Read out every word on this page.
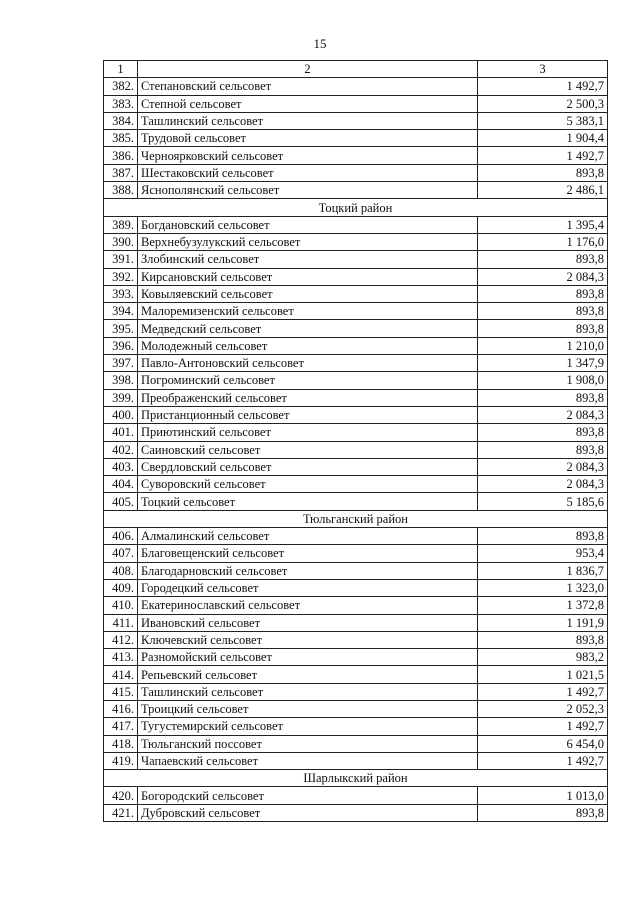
15
1	2	3
382.	Степановский сельсовет	1 492,7
383.	Степной сельсовет	2 500,3
384.	Ташлинский сельсовет	5 383,1
385.	Трудовой сельсовет	1 904,4
386.	Черноярковский сельсовет	1 492,7
387.	Шестаковский сельсовет	893,8
388.	Яснополянский сельсовет	2 486,1
Тоцкий район		
389.	Богдановский сельсовет	1 395,4
390.	Верхнебузулукский сельсовет	1 176,0
391.	Злобинский сельсовет	893,8
392.	Кирсановский сельсовет	2 084,3
393.	Ковыляевский сельсовет	893,8
394.	Малоремизенский сельсовет	893,8
395.	Медведский сельсовет	893,8
396.	Молодежный сельсовет	1 210,0
397.	Павло-Антоновский сельсовет	1 347,9
398.	Погроминский сельсовет	1 908,0
399.	Преображенский сельсовет	893,8
400.	Пристанционный сельсовет	2 084,3
401.	Приютинский сельсовет	893,8
402.	Саиновский сельсовет	893,8
403.	Свердловский сельсовет	2 084,3
404.	Суворовский сельсовет	2 084,3
405.	Тоцкий сельсовет	5 185,6
Тюльганский район		
406.	Алмалинский сельсовет	893,8
407.	Благовещенский сельсовет	953,4
408.	Благодарновский сельсовет	1 836,7
409.	Городецкий сельсовет	1 323,0
410.	Екатеринославский сельсовет	1 372,8
411.	Ивановский сельсовет	1 191,9
412.	Ключевский сельсовет	893,8
413.	Разномойский сельсовет	983,2
414.	Репьевский сельсовет	1 021,5
415.	Ташлинский сельсовет	1 492,7
416.	Троицкий сельсовет	2 052,3
417.	Тугустемирский сельсовет	1 492,7
418.	Тюльганский поссовет	6 454,0
419.	Чапаевский сельсовет	1 492,7
Шарлыкский район		
420.	Богородский сельсовет	1 013,0
421.	Дубровский сельсовет	893,8
